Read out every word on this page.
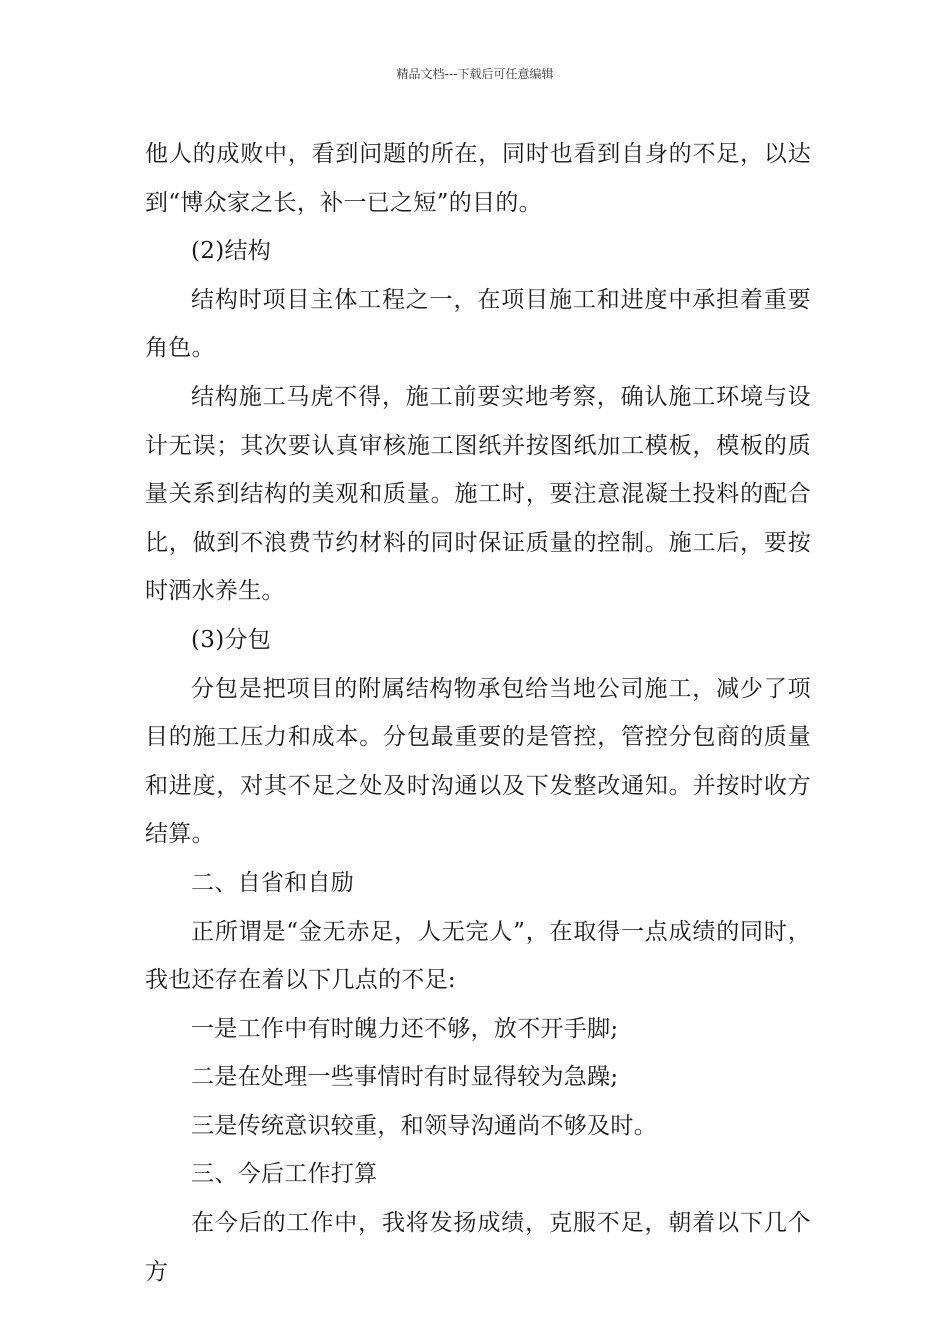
精品文档---下载后可任意编辑

他人的成败中，看到问题的所在，同时也看到自身的不足，以达到“博众家之长，补一已之短”的目的。

(2)结构

结构时项目主体工程之一，在项目施工和进度中承担着重要角色。

结构施工马虎不得，施工前要实地考察，确认施工环境与设计无误；其次要认真审核施工图纸并按图纸加工模板，模板的质量关系到结构的美观和质量。施工时，要注意混凝土投料的配合比，做到不浪费节约材料的同时保证质量的控制。施工后，要按时洒水养生。

(3)分包

分包是把项目的附属结构物承包给当地公司施工，减少了项目的施工压力和成本。分包最重要的是管控，管控分包商的质量和进度，对其不足之处及时沟通以及下发整改通知。并按时收方结算。

二、自省和自励

正所谓是“金无赤足，人无完人”，在取得一点成绩的同时，我也还存在着以下几点的不足:

一是工作中有时魄力还不够，放不开手脚;

二是在处理一些事情时有时显得较为急躁;

三是传统意识较重，和领导沟通尚不够及时。

三、今后工作打算

在今后的工作中，我将发扬成绩，克服不足，朝着以下几个方
